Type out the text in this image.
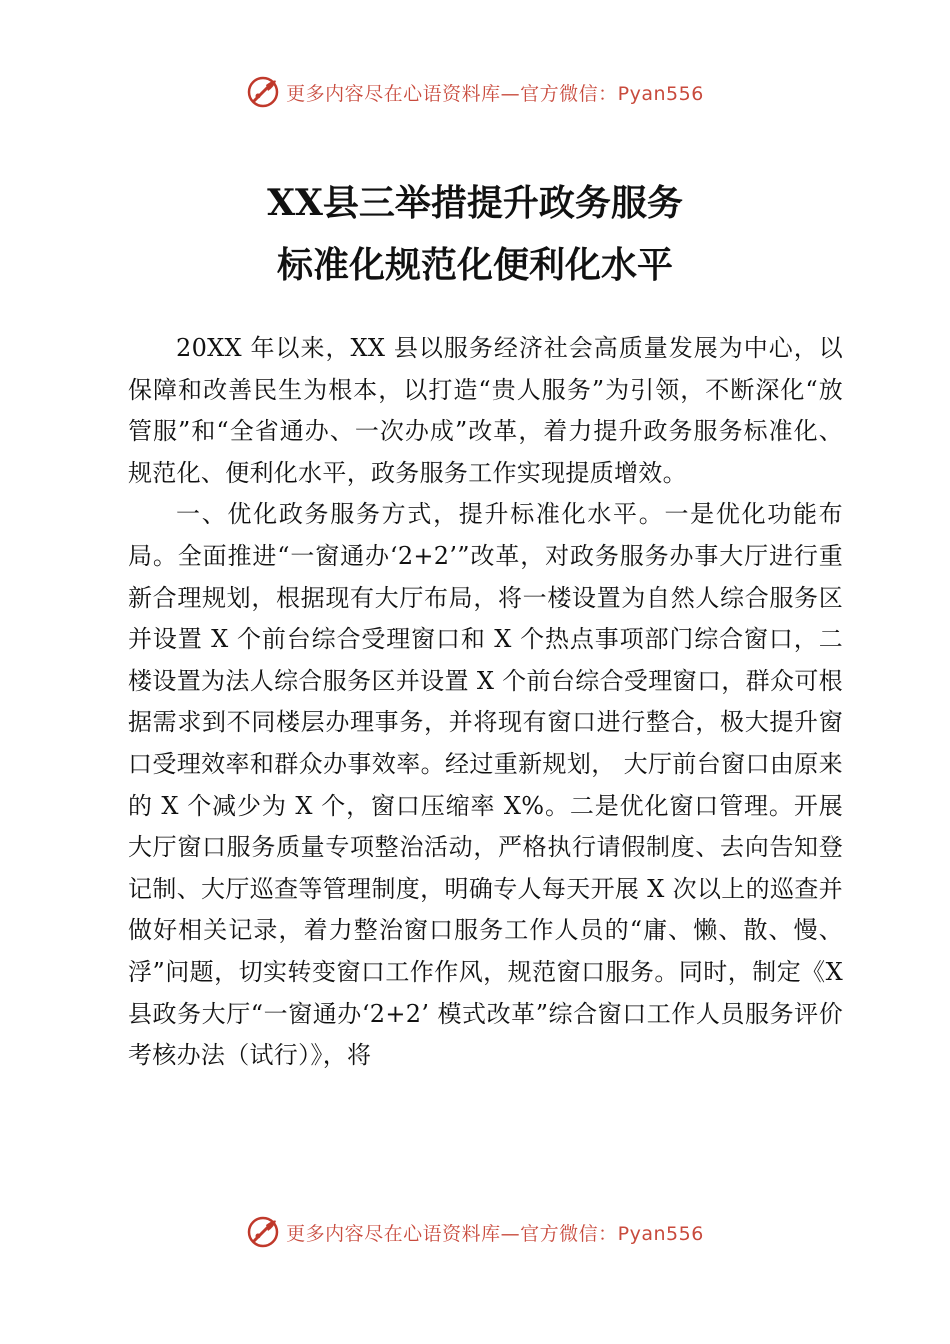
更多内容尽在心语资料库—官方微信：Pyan556
XX县三举措提升政务服务
标准化规范化便利化水平

20XX 年以来，XX 县以服务经济社会高质量发展为中心，以保障和改善民生为根本，以打造“贵人服务”为引领，不断深化“放管服”和“全省通办、一次办成”改革，着力提升政务服务标准化、规范化、便利化水平，政务服务工作实现提质增效。

一、优化政务服务方式，提升标准化水平。一是优化功能布局。全面推进“一窗通办‘2+2’”改革，对政务服务办事大厅进行重新合理规划，根据现有大厅布局，将一楼设置为自然人综合服务区并设置 X 个前台综合受理窗口和 X 个热点事项部门综合窗口，二楼设置为法人综合服务区并设置 X 个前台综合受理窗口，群众可根据需求到不同楼层办理事务，并将现有窗口进行整合，极大提升窗口受理效率和群众办事效率。经过重新规划， 大厅前台窗口由原来的 X 个减少为 X 个，窗口压缩率 X%。二是优化窗口管理。开展大厅窗口服务质量专项整治活动，严格执行请假制度、去向告知登记制、大厅巡查等管理制度，明确专人每天开展 X 次以上的巡查并做好相关记录，着力整治窗口服务工作人员的“庸、懒、散、慢、浮”问题，切实转变窗口工作作风，规范窗口服务。同时，制定《X 县政务大厅“一窗通办‘2+2’ 模式改革”综合窗口工作人员服务评价考核办法（试行）》，将

更多内容尽在心语资料库—官方微信：Pyan556
